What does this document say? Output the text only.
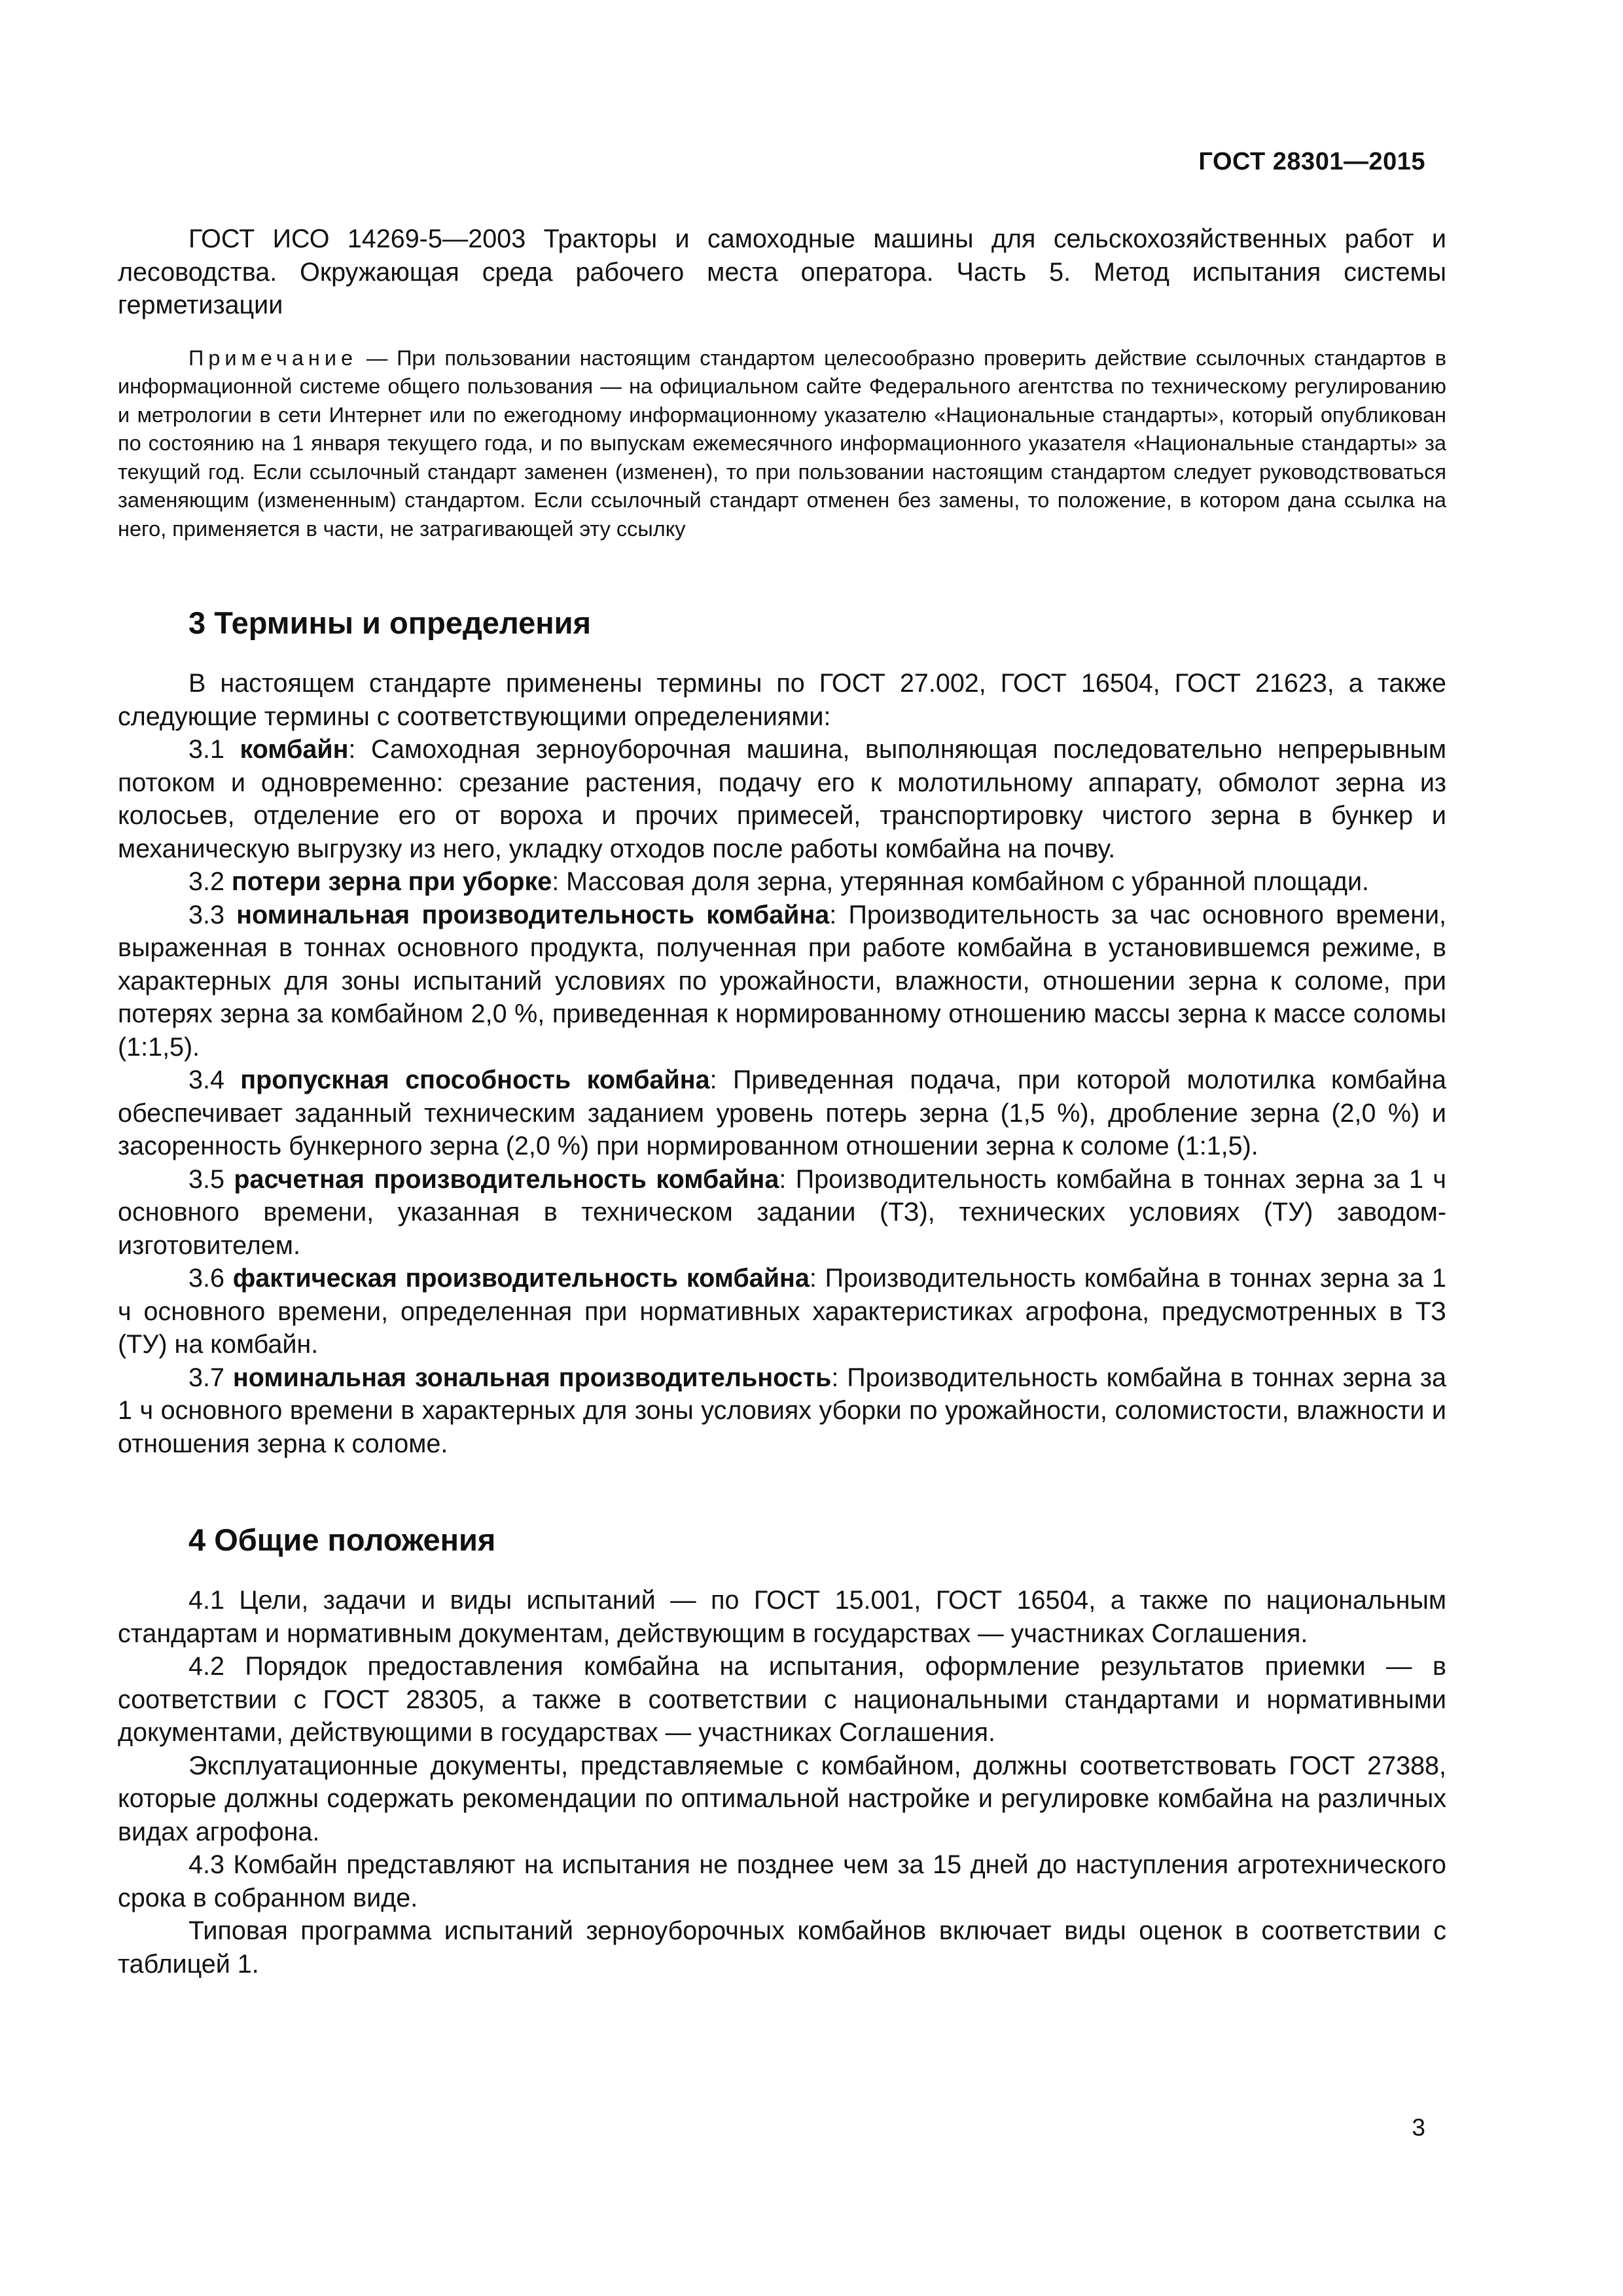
ГОСТ 28301—2015

ГОСТ ИСО 14269-5—2003 Тракторы и самоходные машины для сельскохозяйственных работ и лесоводства. Окружающая среда рабочего места оператора. Часть 5. Метод испытания системы герметизации

Примечание — При пользовании настоящим стандартом целесообразно проверить действие ссылочных стандартов в информационной системе общего пользования — на официальном сайте Федерального агентства по техническому регулированию и метрологии в сети Интернет или по ежегодному информационному указателю «Национальные стандарты», который опубликован по состоянию на 1 января текущего года, и по выпускам ежемесячного информационного указателя «Национальные стандарты» за текущий год. Если ссылочный стандарт заменен (изменен), то при пользовании настоящим стандартом следует руководствоваться заменяющим (измененным) стандартом. Если ссылочный стандарт отменен без замены, то положение, в котором дана ссылка на него, применяется в части, не затрагивающей эту ссылку

3 Термины и определения

В настоящем стандарте применены термины по ГОСТ 27.002, ГОСТ 16504, ГОСТ 21623, а также следующие термины с соответствующими определениями:

3.1 комбайн: Самоходная зерноуборочная машина, выполняющая последовательно непрерывным потоком и одновременно: срезание растения, подачу его к молотильному аппарату, обмолот зерна из колосьев, отделение его от вороха и прочих примесей, транспортировку чистого зерна в бункер и механическую выгрузку из него, укладку отходов после работы комбайна на почву.

3.2 потери зерна при уборке: Массовая доля зерна, утерянная комбайном с убранной площади.

3.3 номинальная производительность комбайна: Производительность за час основного времени, выраженная в тоннах основного продукта, полученная при работе комбайна в установившемся режиме, в характерных для зоны испытаний условиях по урожайности, влажности, отношении зерна к соломе, при потерях зерна за комбайном 2,0 %, приведенная к нормированному отношению массы зерна к массе соломы (1:1,5).

3.4 пропускная способность комбайна: Приведенная подача, при которой молотилка комбайна обеспечивает заданный техническим заданием уровень потерь зерна (1,5 %), дробление зерна (2,0 %) и засоренность бункерного зерна (2,0 %) при нормированном отношении зерна к соломе (1:1,5).

3.5 расчетная производительность комбайна: Производительность комбайна в тоннах зерна за 1 ч основного времени, указанная в техническом задании (ТЗ), технических условиях (ТУ) заводом-изготовителем.

3.6 фактическая производительность комбайна: Производительность комбайна в тоннах зерна за 1 ч основного времени, определенная при нормативных характеристиках агрофона, предусмотренных в ТЗ (ТУ) на комбайн.

3.7 номинальная зональная производительность: Производительность комбайна в тоннах зерна за 1 ч основного времени в характерных для зоны условиях уборки по урожайности, соломистости, влажности и отношения зерна к соломе.

4 Общие положения

4.1 Цели, задачи и виды испытаний — по ГОСТ 15.001, ГОСТ 16504, а также по национальным стандартам и нормативным документам, действующим в государствах — участниках Соглашения.

4.2 Порядок предоставления комбайна на испытания, оформление результатов приемки — в соответствии с ГОСТ 28305, а также в соответствии с национальными стандартами и нормативными документами, действующими в государствах — участниках Соглашения.

Эксплуатационные документы, представляемые с комбайном, должны соответствовать ГОСТ 27388, которые должны содержать рекомендации по оптимальной настройке и регулировке комбайна на различных видах агрофона.

4.3 Комбайн представляют на испытания не позднее чем за 15 дней до наступления агротехнического срока в собранном виде.

Типовая программа испытаний зерноуборочных комбайнов включает виды оценок в соответствии с таблицей 1.

3
